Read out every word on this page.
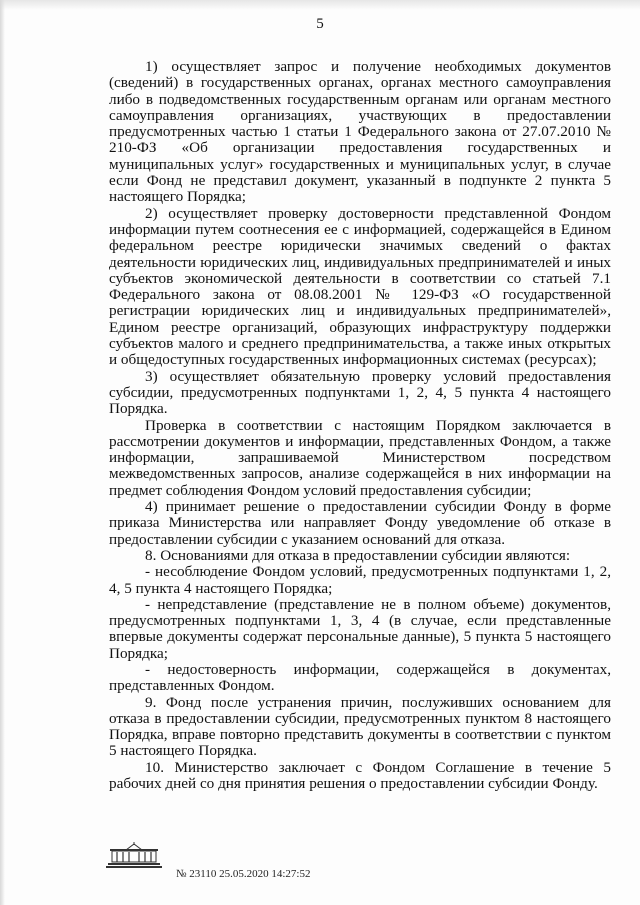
5

1) осуществляет запрос и получение необходимых документов (сведений) в государственных органах, органах местного самоуправления либо в подведомственных государственным органам или органам местного самоуправления организациях, участвующих в предоставлении предусмотренных частью 1 статьи 1 Федерального закона от 27.07.2010 № 210-ФЗ «Об организации предоставления государственных и муниципальных услуг» государственных и муниципальных услуг, в случае если Фонд не представил документ, указанный в подпункте 2 пункта 5 настоящего Порядка;

2) осуществляет проверку достоверности представленной Фондом информации путем соотнесения ее с информацией, содержащейся в Едином федеральном реестре юридически значимых сведений о фактах деятельности юридических лиц, индивидуальных предпринимателей и иных субъектов экономической деятельности в соответствии со статьей 7.1 Федерального закона от 08.08.2001 № 129-ФЗ «О государственной регистрации юридических лиц и индивидуальных предпринимателей», Едином реестре организаций, образующих инфраструктуру поддержки субъектов малого и среднего предпринимательства, а также иных открытых и общедоступных государственных информационных системах (ресурсах);

3) осуществляет обязательную проверку условий предоставления субсидии, предусмотренных подпунктами 1, 2, 4, 5 пункта 4 настоящего Порядка.

Проверка в соответствии с настоящим Порядком заключается в рассмотрении документов и информации, представленных Фондом, а также информации, запрашиваемой Министерством посредством межведомственных запросов, анализе содержащейся в них информации на предмет соблюдения Фондом условий предоставления субсидии;

4) принимает решение о предоставлении субсидии Фонду в форме приказа Министерства или направляет Фонду уведомление об отказе в предоставлении субсидии с указанием оснований для отказа.

8. Основаниями для отказа в предоставлении субсидии являются:

- несоблюдение Фондом условий, предусмотренных подпунктами 1, 2, 4, 5 пункта 4 настоящего Порядка;

- непредставление (представление не в полном объеме) документов, предусмотренных подпунктами 1, 3, 4 (в случае, если представленные впервые документы содержат персональные данные), 5 пункта 5 настоящего Порядка;

- недостоверность информации, содержащейся в документах, представленных Фондом.

9. Фонд после устранения причин, послуживших основанием для отказа в предоставлении субсидии, предусмотренных пунктом 8 настоящего Порядка, вправе повторно представить документы в соответствии с пунктом 5 настоящего Порядка.

10. Министерство заключает с Фондом Соглашение в течение 5 рабочих дней со дня принятия решения о предоставлении субсидии Фонду.

№ 23110 25.05.2020 14:27:52
